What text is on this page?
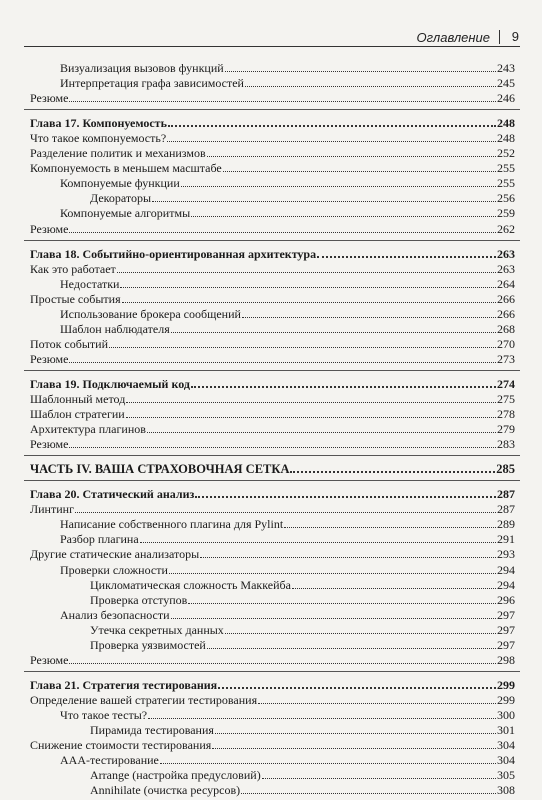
Оглавление 9
Визуализация вызовов функций	243
Интерпретация графа зависимостей	245
Резюме	246
Глава 17. Компонуемость	248
Что такое компонуемость?	248
Разделение политик и механизмов	252
Компонуемость в меньшем масштабе	255
Компонуемые функции	255
Декораторы	256
Компонуемые алгоритмы	259
Резюме	262
Глава 18. Событийно-ориентированная архитектура	263
Как это работает	263
Недостатки	264
Простые события	266
Использование брокера сообщений	266
Шаблон наблюдателя	268
Поток событий	270
Резюме	273
Глава 19. Подключаемый код	274
Шаблонный метод	275
Шаблон стратегии	278
Архитектура плагинов	279
Резюме	283
ЧАСТЬ IV. ВАША СТРАХОВОЧНАЯ СЕТКА	285
Глава 20. Статический анализ	287
Линтинг	287
Написание собственного плагина для Pylint	289
Разбор плагина	291
Другие статические анализаторы	293
Проверки сложности	294
Цикломатическая сложность Маккейба	294
Проверка отступов	296
Анализ безопасности	297
Утечка секретных данных	297
Проверка уязвимостей	297
Резюме	298
Глава 21. Стратегия тестирования	299
Определение вашей стратегии тестирования	299
Что такое тесты?	300
Пирамида тестирования	301
Снижение стоимости тестирования	304
AAA-тестирование	304
Arrange (настройка предусловий)	305
Annihilate (очистка ресурсов)	308
